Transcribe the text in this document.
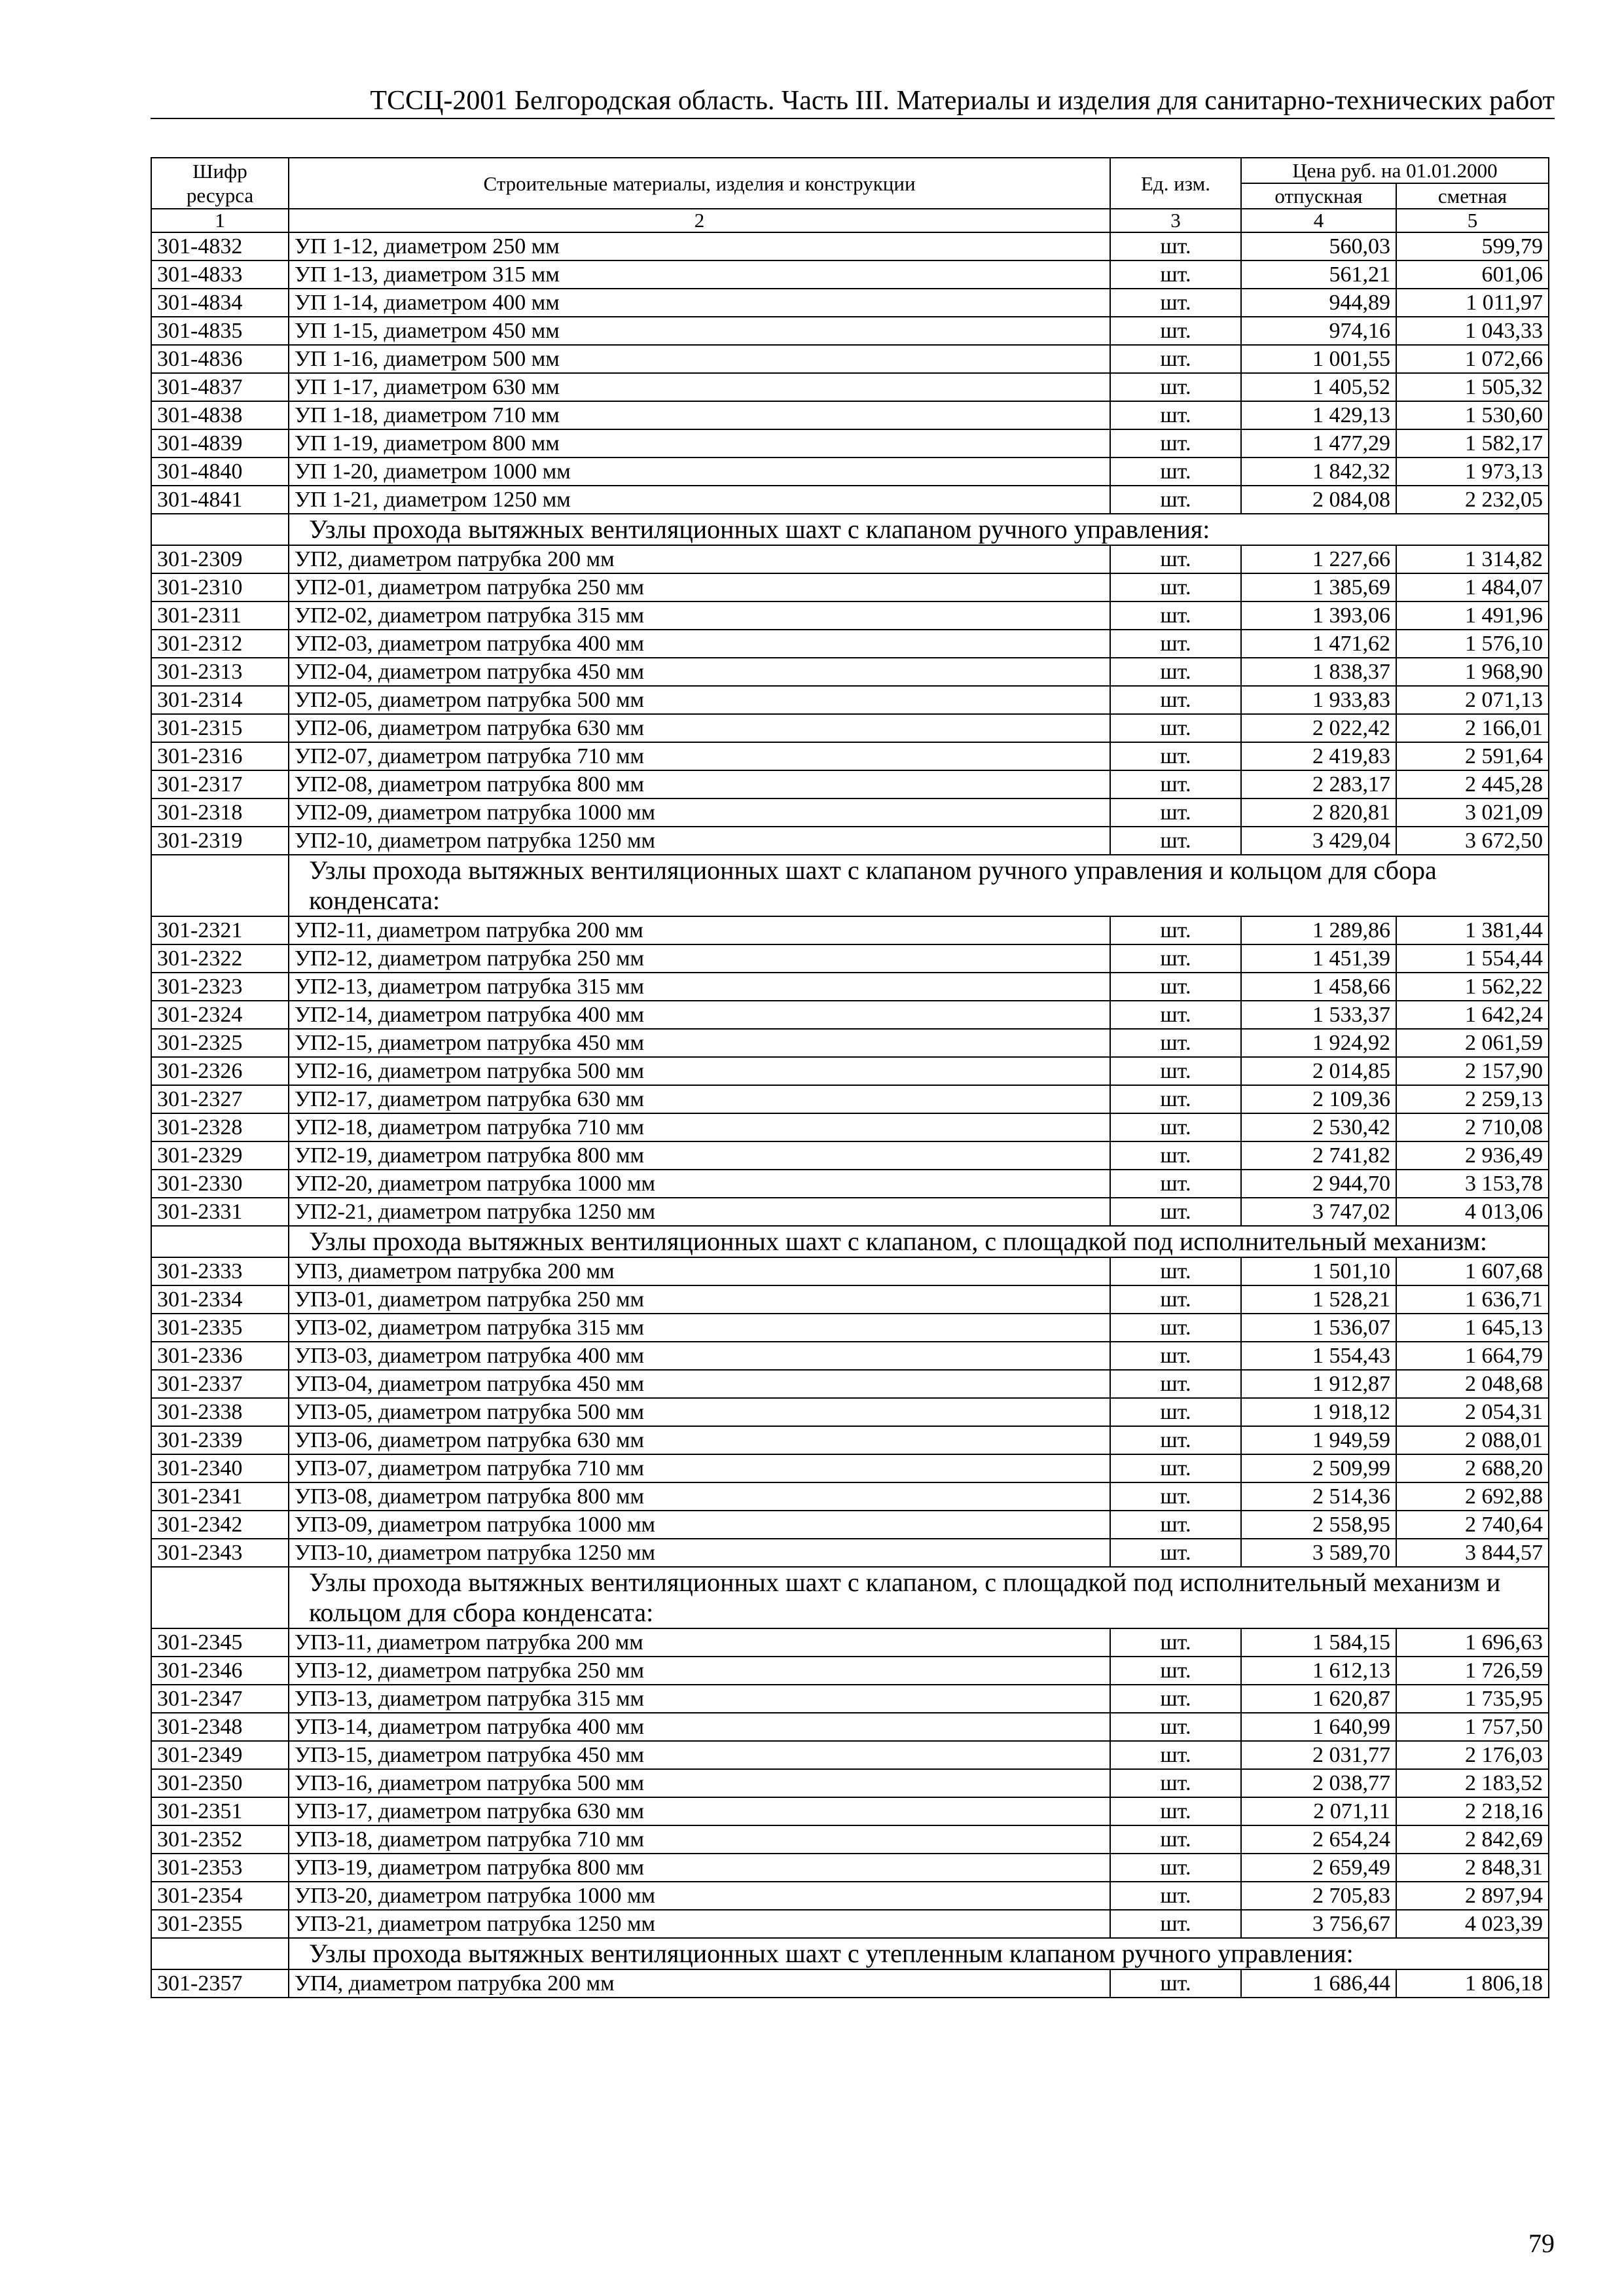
ТССЦ-2001 Белгородская область. Часть III. Материалы и изделия для санитарно-технических работ
Шифр ресурса	Строительные материалы, изделия и конструкции	Ед. изм.	Цена руб. на 01.01.2000	
			отпускная	сметная
1	2	3	4	5
301-4832	УП 1-12, диаметром 250 мм	шт.	560,03	599,79
301-4833	УП 1-13, диаметром 315 мм	шт.	561,21	601,06
301-4834	УП 1-14, диаметром 400 мм	шт.	944,89	1 011,97
301-4835	УП 1-15, диаметром 450 мм	шт.	974,16	1 043,33
301-4836	УП 1-16, диаметром 500 мм	шт.	1 001,55	1 072,66
301-4837	УП 1-17, диаметром 630 мм	шт.	1 405,52	1 505,32
301-4838	УП 1-18, диаметром 710 мм	шт.	1 429,13	1 530,60
301-4839	УП 1-19, диаметром 800 мм	шт.	1 477,29	1 582,17
301-4840	УП 1-20, диаметром 1000 мм	шт.	1 842,32	1 973,13
301-4841	УП 1-21, диаметром 1250 мм	шт.	2 084,08	2 232,05
	Узлы прохода вытяжных вентиляционных шахт с клапаном ручного управления:			
301-2309	УП2, диаметром патрубка 200 мм	шт.	1 227,66	1 314,82
301-2310	УП2-01, диаметром патрубка 250 мм	шт.	1 385,69	1 484,07
301-2311	УП2-02, диаметром патрубка 315 мм	шт.	1 393,06	1 491,96
301-2312	УП2-03, диаметром патрубка 400 мм	шт.	1 471,62	1 576,10
301-2313	УП2-04, диаметром патрубка 450 мм	шт.	1 838,37	1 968,90
301-2314	УП2-05, диаметром патрубка 500 мм	шт.	1 933,83	2 071,13
301-2315	УП2-06, диаметром патрубка 630 мм	шт.	2 022,42	2 166,01
301-2316	УП2-07, диаметром патрубка 710 мм	шт.	2 419,83	2 591,64
301-2317	УП2-08, диаметром патрубка 800 мм	шт.	2 283,17	2 445,28
301-2318	УП2-09, диаметром патрубка 1000 мм	шт.	2 820,81	3 021,09
301-2319	УП2-10, диаметром патрубка 1250 мм	шт.	3 429,04	3 672,50
	Узлы прохода вытяжных вентиляционных шахт с клапаном ручного управления и кольцом для сбора конденсата:			
301-2321	УП2-11, диаметром патрубка 200 мм	шт.	1 289,86	1 381,44
301-2322	УП2-12, диаметром патрубка 250 мм	шт.	1 451,39	1 554,44
301-2323	УП2-13, диаметром патрубка 315 мм	шт.	1 458,66	1 562,22
301-2324	УП2-14, диаметром патрубка 400 мм	шт.	1 533,37	1 642,24
301-2325	УП2-15, диаметром патрубка 450 мм	шт.	1 924,92	2 061,59
301-2326	УП2-16, диаметром патрубка 500 мм	шт.	2 014,85	2 157,90
301-2327	УП2-17, диаметром патрубка 630 мм	шт.	2 109,36	2 259,13
301-2328	УП2-18, диаметром патрубка 710 мм	шт.	2 530,42	2 710,08
301-2329	УП2-19, диаметром патрубка 800 мм	шт.	2 741,82	2 936,49
301-2330	УП2-20, диаметром патрубка 1000 мм	шт.	2 944,70	3 153,78
301-2331	УП2-21, диаметром патрубка 1250 мм	шт.	3 747,02	4 013,06
	Узлы прохода вытяжных вентиляционных шахт с клапаном, с площадкой под исполнительный механизм:			
301-2333	УП3, диаметром патрубка 200 мм	шт.	1 501,10	1 607,68
301-2334	УП3-01, диаметром патрубка 250 мм	шт.	1 528,21	1 636,71
301-2335	УП3-02, диаметром патрубка 315 мм	шт.	1 536,07	1 645,13
301-2336	УП3-03, диаметром патрубка 400 мм	шт.	1 554,43	1 664,79
301-2337	УП3-04, диаметром патрубка 450 мм	шт.	1 912,87	2 048,68
301-2338	УП3-05, диаметром патрубка 500 мм	шт.	1 918,12	2 054,31
301-2339	УП3-06, диаметром патрубка 630 мм	шт.	1 949,59	2 088,01
301-2340	УП3-07, диаметром патрубка 710 мм	шт.	2 509,99	2 688,20
301-2341	УП3-08, диаметром патрубка 800 мм	шт.	2 514,36	2 692,88
301-2342	УП3-09, диаметром патрубка 1000 мм	шт.	2 558,95	2 740,64
301-2343	УП3-10, диаметром патрубка 1250 мм	шт.	3 589,70	3 844,57
	Узлы прохода вытяжных вентиляционных шахт с клапаном, с площадкой под исполнительный механизм и кольцом для сбора конденсата:			
301-2345	УП3-11, диаметром патрубка 200 мм	шт.	1 584,15	1 696,63
301-2346	УП3-12, диаметром патрубка 250 мм	шт.	1 612,13	1 726,59
301-2347	УП3-13, диаметром патрубка 315 мм	шт.	1 620,87	1 735,95
301-2348	УП3-14, диаметром патрубка 400 мм	шт.	1 640,99	1 757,50
301-2349	УП3-15, диаметром патрубка 450 мм	шт.	2 031,77	2 176,03
301-2350	УП3-16, диаметром патрубка 500 мм	шт.	2 038,77	2 183,52
301-2351	УП3-17, диаметром патрубка 630 мм	шт.	2 071,11	2 218,16
301-2352	УП3-18, диаметром патрубка 710 мм	шт.	2 654,24	2 842,69
301-2353	УП3-19, диаметром патрубка 800 мм	шт.	2 659,49	2 848,31
301-2354	УП3-20, диаметром патрубка 1000 мм	шт.	2 705,83	2 897,94
301-2355	УП3-21, диаметром патрубка 1250 мм	шт.	3 756,67	4 023,39
	Узлы прохода вытяжных вентиляционных шахт с утепленным клапаном ручного управления:			
301-2357	УП4, диаметром патрубка 200 мм	шт.	1 686,44	1 806,18
79
